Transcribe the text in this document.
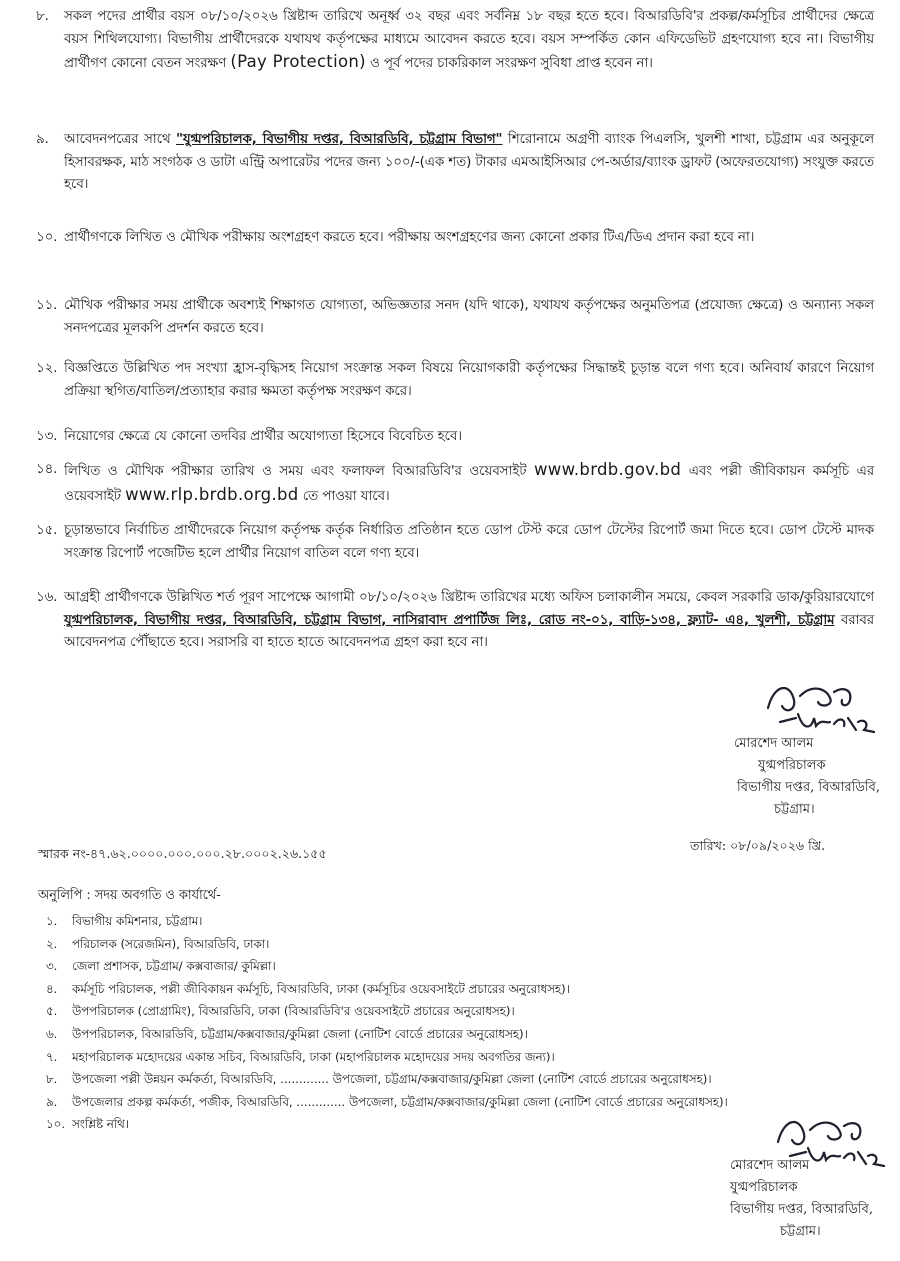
৮.	সকল পদের প্রার্থীর বয়স ০৮/১০/২০২৬ খ্রিষ্টাব্দ তারিখে অনূর্ধ্ব ৩২ বছর এবং সর্বনিম্ন ১৮ বছর হতে হবে। বিআরডিবি'র প্রকল্প/কর্মসূচির প্রার্থীদের ক্ষেত্রে বয়স শিথিলযোগ্য। বিভাগীয় প্রার্থীদেরকে যথাযথ কর্তৃপক্ষের মাধ্যমে আবেদন করতে হবে। বয়স সম্পর্কিত কোন এফিডেভিট গ্রহণযোগ্য হবে না। বিভাগীয় প্রার্থীগণ কোনো বেতন সংরক্ষণ (Pay Protection) ও পূর্ব পদের চাকরিকাল সংরক্ষণ সুবিধা প্রাপ্ত হবেন না।
৯.	আবেদনপত্রের সাথে "যুগ্মপরিচালক, বিভাগীয় দপ্তর, বিআরডিবি, চট্টগ্রাম বিভাগ" শিরোনামে অগ্রণী ব্যাংক পিএলসি, খুলশী শাখা, চট্টগ্রাম এর অনুকূলে হিসাবরক্ষক, মাঠ সংগঠক ও ডাটা এন্ট্রি অপারেটর পদের জন্য ১০০/-(এক শত) টাকার এমআইসিআর পে-অর্ডার/ব্যাংক ড্রাফট (অফেরতযোগ্য) সংযুক্ত করতে হবে।
১০. প্রার্থীগণকে লিখিত ও মৌখিক পরীক্ষায় অংশগ্রহণ করতে হবে। পরীক্ষায় অংশগ্রহণের জন্য কোনো প্রকার টিএ/ডিএ প্রদান করা হবে না।
১১. মৌখিক পরীক্ষার সময় প্রার্থীকে অবশ্যই শিক্ষাগত যোগ্যতা, অভিজ্ঞতার সনদ (যদি থাকে), যথাযথ কর্তৃপক্ষের অনুমতিপত্র (প্রযোজ্য ক্ষেত্রে) ও অন্যান্য সকল সনদপত্রের মূলকপি প্রদর্শন করতে হবে।
১২. বিজ্ঞপ্তিতে উল্লিখিত পদ সংখ্যা হ্রাস-বৃদ্ধিসহ নিয়োগ সংক্রান্ত সকল বিষয়ে নিয়োগকারী কর্তৃপক্ষের সিদ্ধান্তই চূড়ান্ত বলে গণ্য হবে। অনিবার্য কারণে নিয়োগ প্রক্রিয়া স্থগিত/বাতিল/প্রত্যাহার করার ক্ষমতা কর্তৃপক্ষ সংরক্ষণ করে।
১৩. নিয়োগের ক্ষেত্রে যে কোনো তদবির প্রার্থীর অযোগ্যতা হিসেবে বিবেচিত হবে।
১৪. লিখিত ও মৌখিক পরীক্ষার তারিখ ও সময় এবং ফলাফল বিআরডিবি'র ওয়েবসাইট www.brdb.gov.bd এবং পল্লী জীবিকায়ন কর্মসূচি এর ওয়েবসাইট www.rlp.brdb.org.bd তে পাওয়া যাবে।
১৫. চূড়ান্তভাবে নির্বাচিত প্রার্থীদেরকে নিয়োগ কর্তৃপক্ষ কর্তৃক নির্ধারিত প্রতিষ্ঠান হতে ডোপ টেস্ট করে ডোপ টেস্টের রিপোর্ট জমা দিতে হবে। ডোপ টেস্টে মাদক সংক্রান্ত রিপোর্ট পজেটিভ হলে প্রার্থীর নিয়োগ বাতিল বলে গণ্য হবে।
১৬. আগ্রহী প্রার্থীগণকে উল্লিখিত শর্ত পূরণ সাপেক্ষে আগামী ০৮/১০/২০২৬ খ্রিষ্টাব্দ তারিখের মধ্যে অফিস চলাকালীন সময়ে, কেবল সরকারি ডাক/কুরিয়ারযোগে যুগ্মপরিচালক, বিভাগীয় দপ্তর, বিআরডিবি, চট্টগ্রাম বিভাগ, নাসিরাবাদ প্রপার্টিজ লিঃ, রোড নং-০১, বাড়ি-১৩৪, ফ্ল্যাট- এ৪, খুলশী, চট্টগ্রাম বরাবর আবেদনপত্র পৌঁছাতে হবে। সরাসরি বা হাতে হাতে আবেদনপত্র গ্রহণ করা হবে না।
মোরশেদ আলম
যুগ্মপরিচালক
বিভাগীয় দপ্তর, বিআরডিবি,
চট্টগ্রাম।
স্মারক নং-৪৭.৬২.০০০০.০০০.০০০.২৮.০০০২.২৬.১৫৫
তারিখ: ০৮/০৯/২০২৬ খ্রি.
অনুলিপি : সদয় অবগতি ও কার্যার্থে-
১.	বিভাগীয় কমিশনার, চট্টগ্রাম।
২.	পরিচালক (সরেজমিন), বিআরডিবি, ঢাকা।
৩.	জেলা প্রশাসক, চট্টগ্রাম/ কক্সবাজার/ কুমিল্লা।
৪.	কর্মসূচি পরিচালক, পল্লী জীবিকায়ন কর্মসূচি, বিআরডিবি, ঢাকা (কর্মসূচির ওয়েবসাইটে প্রচারের অনুরোধসহ)।
৫.	উপপরিচালক (প্রোগ্রামিং), বিআরডিবি, ঢাকা (বিআরডিবি'র ওয়েবসাইটে প্রচারের অনুরোধসহ)।
৬.	উপপরিচালক, বিআরডিবি, চট্টগ্রাম/কক্সবাজার/কুমিল্লা জেলা (নোটিশ বোর্ডে প্রচারের অনুরোধসহ)।
৭.	মহাপরিচালক মহোদয়ের একান্ত সচিব, বিআরডিবি, ঢাকা (মহাপরিচালক মহোদয়ের সদয় অবগতির জন্য)।
৮.	উপজেলা পল্লী উন্নয়ন কর্মকর্তা, বিআরডিবি, ............. উপজেলা, চট্টগ্রাম/কক্সবাজার/কুমিল্লা জেলা (নোটিশ বোর্ডে প্রচারের অনুরোধসহ)।
৯.	উপজেলার প্রকল্প কর্মকর্তা, পজীক, বিআরডিবি, ............. উপজেলা, চট্টগ্রাম/কক্সবাজার/কুমিল্লা জেলা (নোটিশ বোর্ডে প্রচারের অনুরোধসহ)।
১০. সংশ্লিষ্ট নথি।
মোরশেদ আলম
যুগ্মপরিচালক
বিভাগীয় দপ্তর, বিআরডিবি,
চট্টগ্রাম।
